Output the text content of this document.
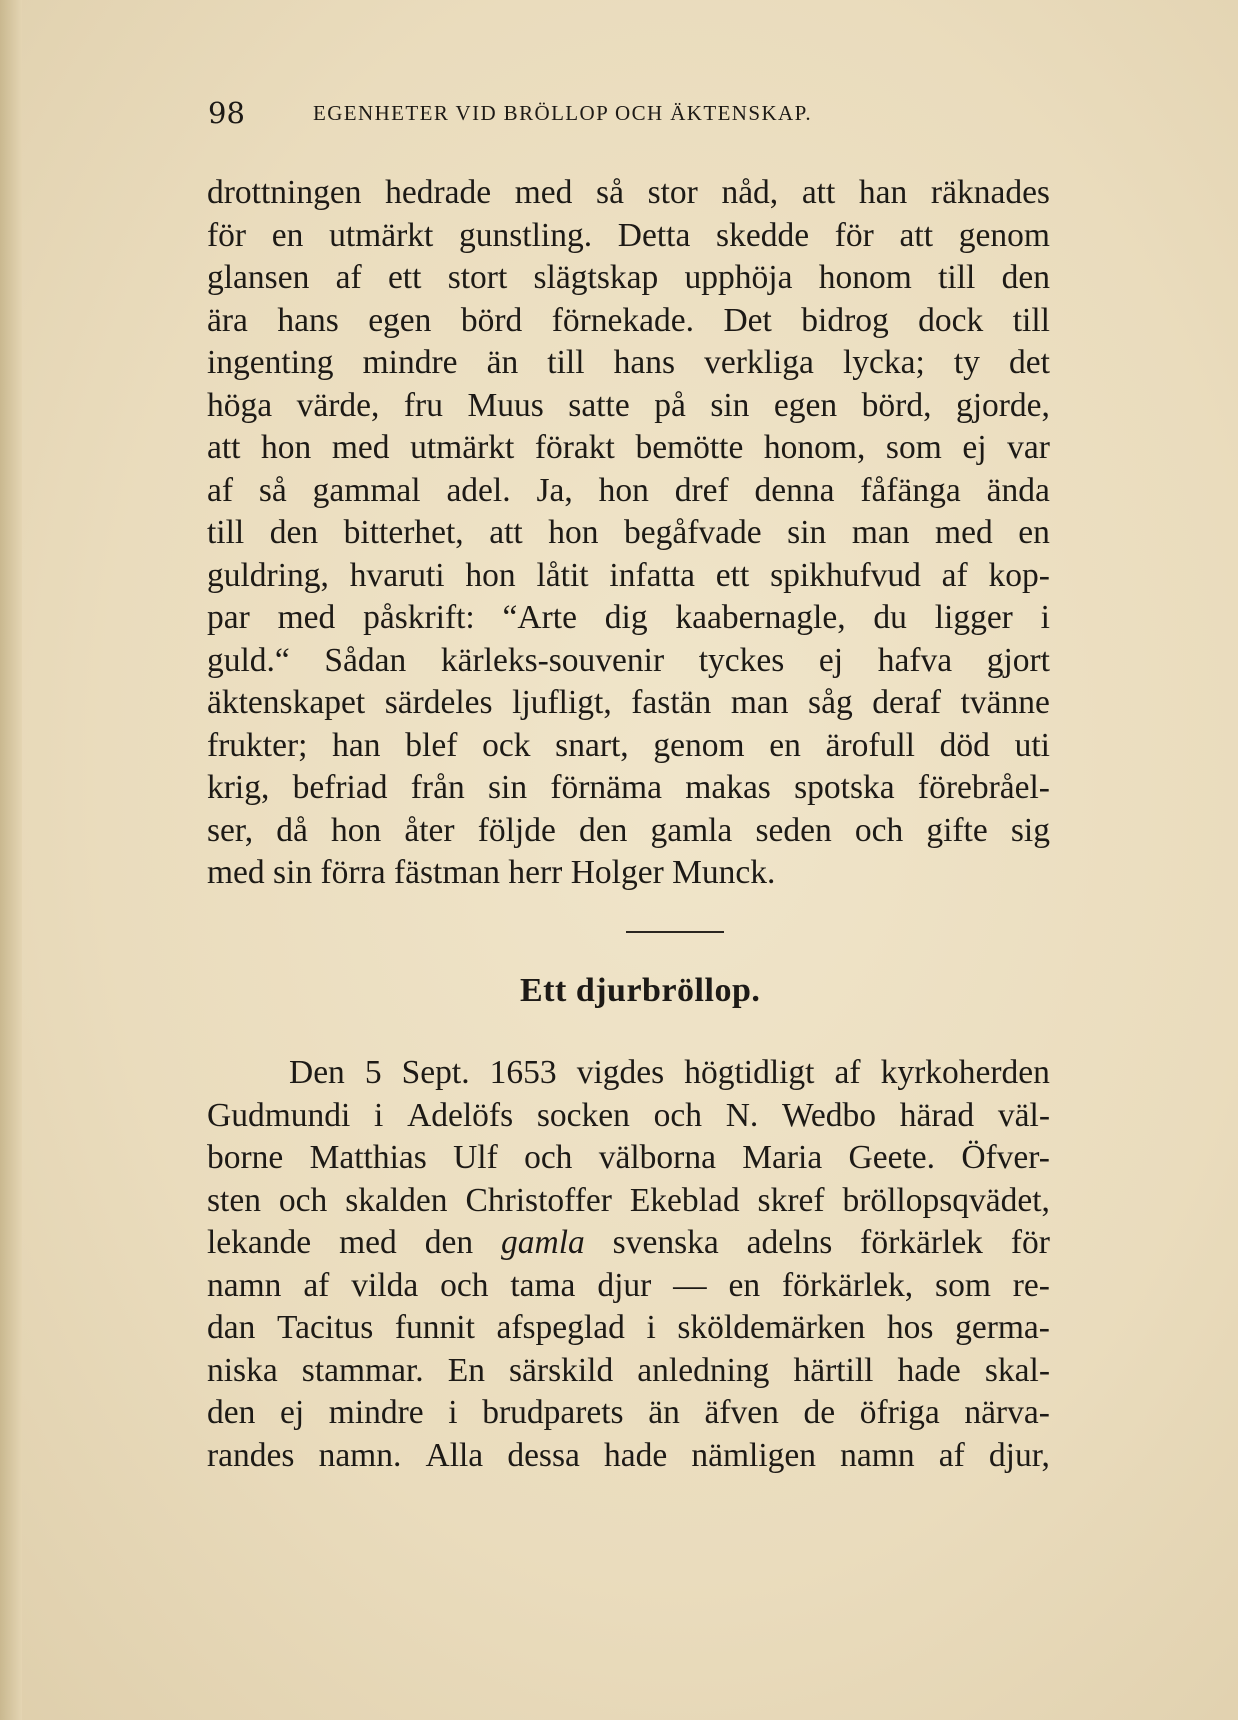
98	EGENHETER VID BRÖLLOP OCH ÄKTENSKAP.
drottningen hedrade med så stor nåd, att han räknades
för en utmärkt gunstling. Detta skedde för att genom
glansen af ett stort slägtskap upphöja honom till den
ära hans egen börd förnekade. Det bidrog dock till
ingenting mindre än till hans verkliga lycka; ty det
höga värde, fru Muus satte på sin egen börd, gjorde,
att hon med utmärkt förakt bemötte honom, som ej var
af så gammal adel. Ja, hon dref denna fåfänga ända
till den bitterhet, att hon begåfvade sin man med en
guldring, hvaruti hon låtit infatta ett spikhufvud af kop-
par med påskrift: “Arte dig kaabernagle, du ligger i
guld.“ Sådan kärleks-souvenir tyckes ej hafva gjort
äktenskapet särdeles ljufligt, fastän man såg deraf tvänne
frukter; han blef ock snart, genom en ärofull död uti
krig, befriad från sin förnäma makas spotska förebråel-
ser, då hon åter följde den gamla seden och gifte sig
med sin förra fästman herr Holger Munck.
Ett djurbröllop.
Den 5 Sept. 1653 vigdes högtidligt af kyrkoherden
Gudmundi i Adelöfs socken och N. Wedbo härad väl-
borne Matthias Ulf och välborna Maria Geete. Öfver-
sten och skalden Christoffer Ekeblad skref bröllopsqvädet,
lekande med den gamla svenska adelns förkärlek för
namn af vilda och tama djur — en förkärlek, som re-
dan Tacitus funnit afspeglad i sköldemärken hos germa-
niska stammar. En särskild anledning härtill hade skal-
den ej mindre i brudparets än äfven de öfriga närva-
randes namn. Alla dessa hade nämligen namn af djur,
